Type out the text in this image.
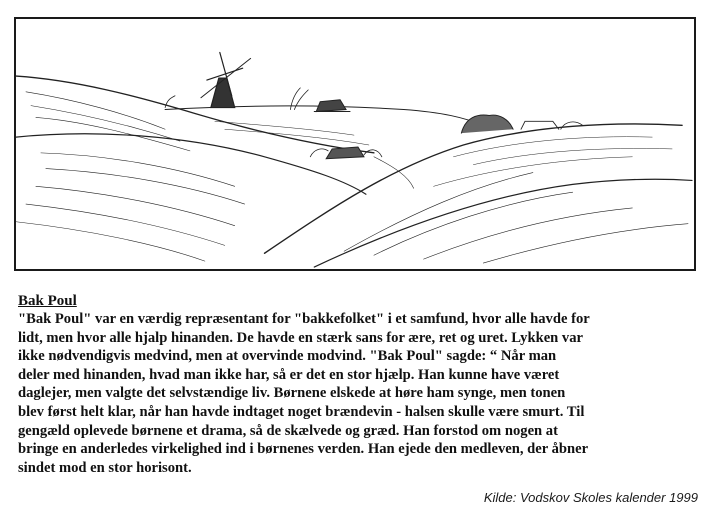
Bak Poul

"Bak Poul" var en værdig repræsentant for "bakkefolket" i et samfund, hvor alle havde for
lidt, men hvor alle hjalp hinanden. De havde en stærk sans for ære, ret og uret. Lykken var
ikke nødvendigvis medvind, men at overvinde modvind. "Bak Poul" sagde: “ Når man
deler med hinanden, hvad man ikke har, så er det en stor hjælp. Han kunne have været
daglejer, men valgte det selvstændige liv. Børnene elskede at høre ham synge, men tonen
blev først helt klar, når han havde indtaget noget brændevin - halsen skulle være smurt. Til
gengæld oplevede børnene et drama, så de skælvede og græd. Han forstod om nogen at
bringe en anderledes virkelighed ind i børnenes verden. Han ejede den medleven, der åbner
sindet mod en stor horisont.

Kilde: Vodskov Skoles kalender 1999
